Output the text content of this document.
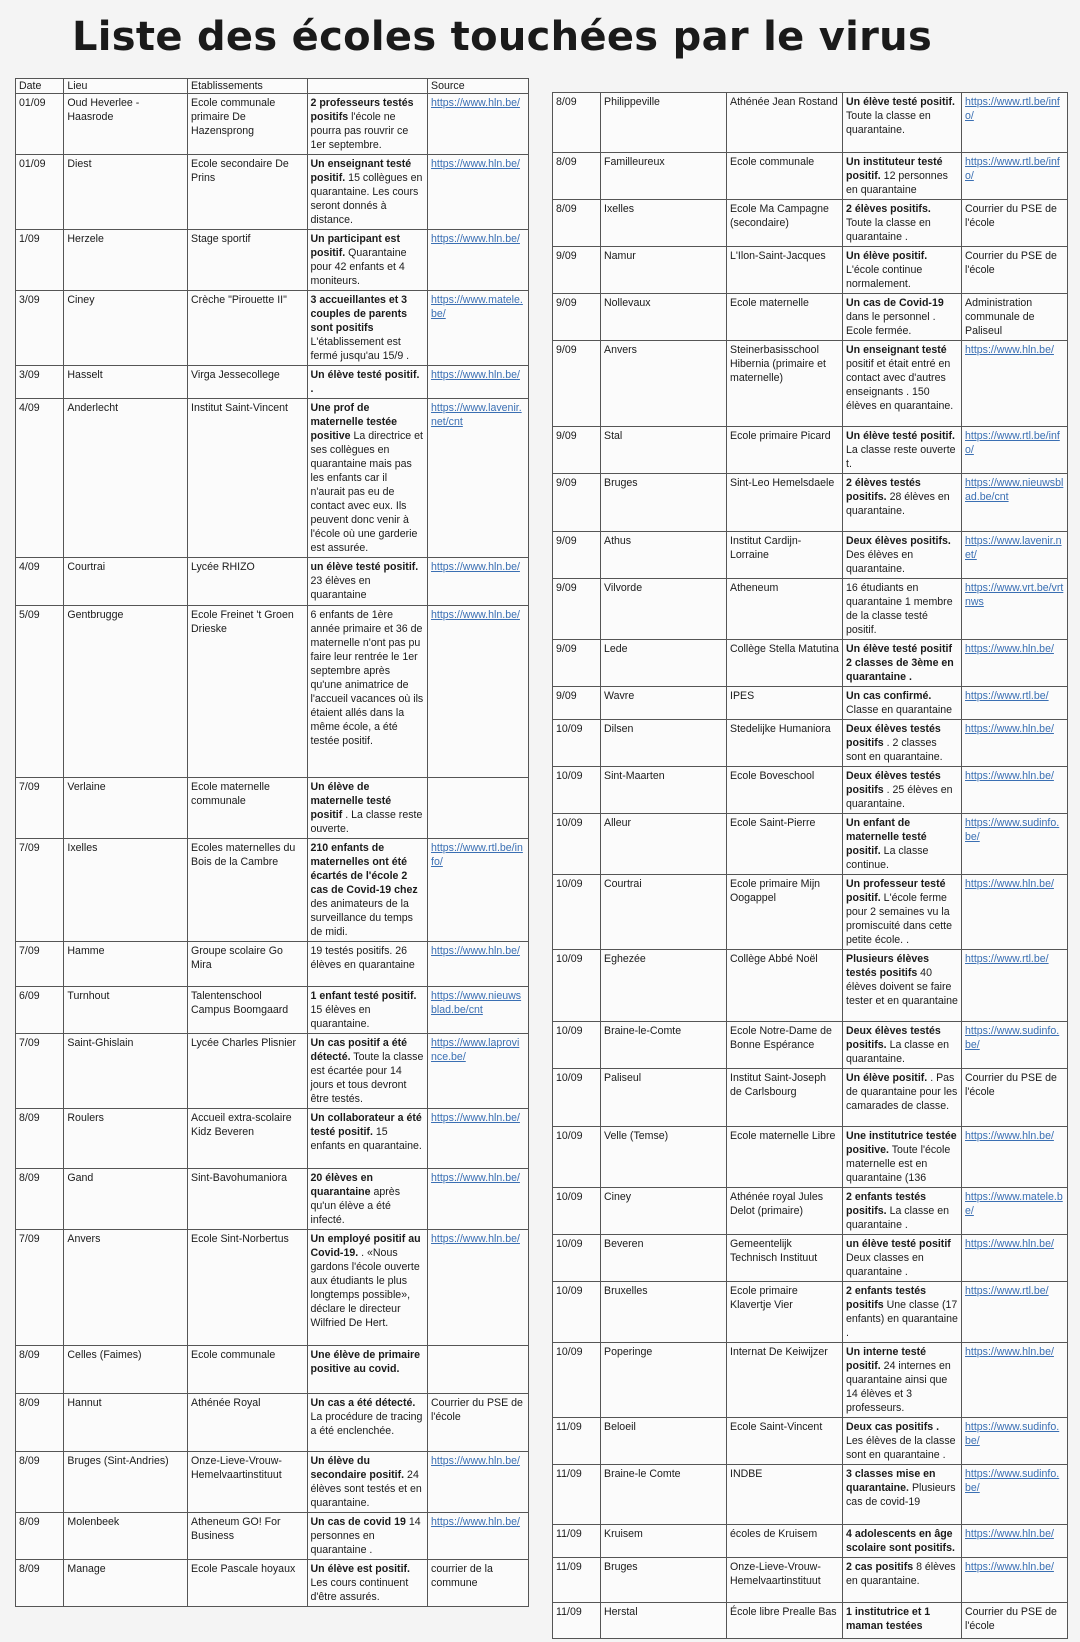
Liste des écoles touchées par le virus
Date	Lieu	Etablissements		Source
01/09	Oud Heverlee - Haasrode	Ecole communale primaire De Hazensprong	2 professeurs testés positifs l'école ne pourra pas rouvrir ce 1er septembre.	https://www.hln.be/
01/09	Diest	Ecole secondaire De Prins	Un enseignant testé positif. 15 collègues en quarantaine. Les cours seront donnés à distance.	https://www.hln.be/
1/09	Herzele	Stage sportif	Un participant est positif. Quarantaine pour 42 enfants et 4 moniteurs.	https://www.hln.be/
3/09	Ciney	Crèche "Pirouette II"	3 accueillantes et 3 couples de parents sont positifs L'établissement est fermé jusqu'au 15/9 .	https://www.matele.be/
3/09	Hasselt	Virga Jessecollege	Un élève testé positif. .	https://www.hln.be/
4/09	Anderlecht	Institut Saint-Vincent	Une prof de maternelle testée positive La directrice et ses collègues en quarantaine mais pas les enfants car il n'aurait pas eu de contact avec eux. Ils peuvent donc venir à l'école où une garderie est assurée.	https://www.lavenir.net/cnt
4/09	Courtrai	Lycée RHIZO	un élève testé positif. 23 élèves en quarantaine	https://www.hln.be/
5/09	Gentbrugge	Ecole Freinet 't Groen Drieske	6 enfants de 1ère année primaire et 36 de maternelle n'ont pas pu faire leur rentrée le 1er septembre après qu'une animatrice de l'accueil vacances où ils étaient allés dans la même école, a été testée positif.	https://www.hln.be/
7/09	Verlaine	Ecole maternelle communale	Un élève de maternelle testé positif . La classe reste ouverte.	
7/09	Ixelles	Ecoles maternelles du Bois de la Cambre	210 enfants de maternelles ont été écartés de l'école 2 cas de Covid-19 chez des animateurs de la surveillance du temps de midi.	https://www.rtl.be/info/
7/09	Hamme	Groupe scolaire Go Mira	19 testés positifs. 26 élèves en quarantaine	https://www.hln.be/
6/09	Turnhout	Talentenschool Campus Boomgaard	1 enfant testé positif. 15 élèves en quarantaine.	https://www.nieuwsblad.be/cnt
7/09	Saint-Ghislain	Lycée Charles Plisnier	Un cas positif a été détecté. Toute la classe est écartée pour 14 jours et tous devront être testés.	https://www.laprovince.be/
8/09	Roulers	Accueil extra-scolaire Kidz Beveren	Un collaborateur a été testé positif. 15 enfants en quarantaine.	https://www.hln.be/
8/09	Gand	Sint-Bavohumaniora	20 élèves en quarantaine après qu'un élève a été infecté.	https://www.hln.be/
7/09	Anvers	Ecole Sint-Norbertus	Un employé positif au Covid-19. . «Nous gardons l'école ouverte aux étudiants le plus longtemps possible», déclare le directeur Wilfried De Hert.	https://www.hln.be/
8/09	Celles (Faimes)	Ecole communale	Une élève de primaire positive au covid.	
8/09	Hannut	Athénée Royal	Un cas a été détecté. La procédure de tracing a été enclenchée.	Courrier du PSE de l'école
8/09	Bruges (Sint-Andries)	Onze-Lieve-Vrouw-Hemelvaartinstituut	Un élève du secondaire positif. 24 élèves sont testés et en quarantaine.	https://www.hln.be/
8/09	Molenbeek	Atheneum GO! For Business	Un cas de covid 19 14 personnes en quarantaine .	https://www.hln.be/
8/09	Manage	Ecole Pascale hoyaux	Un élève est positif. Les cours continuent d'être assurés.	courrier de la commune
8/09	Philippeville	Athénée Jean Rostand	Un élève testé positif. Toute la classe en quarantaine.	https://www.rtl.be/info/
8/09	Familleureux	Ecole communale	Un instituteur testé positif. 12 personnes en quarantaine	https://www.rtl.be/info/
8/09	Ixelles	Ecole Ma Campagne (secondaire)	2 élèves positifs. Toute la classe en quarantaine .	Courrier du PSE de l'école
9/09	Namur	L'Ilon-Saint-Jacques	Un élève positif. L'école continue normalement.	Courrier du PSE de l'école
9/09	Nollevaux	Ecole maternelle	Un cas de Covid-19 dans le personnel . Ecole fermée.	Administration communale de Paliseul
9/09	Anvers	Steinerbasisschool Hibernia (primaire et maternelle)	Un enseignant testé positif et était entré en contact avec d'autres enseignants . 150 élèves en quarantaine.	https://www.hln.be/
9/09	Stal	Ecole primaire Picard	Un élève testé positif. La classe reste ouverte t.	https://www.rtl.be/info/
9/09	Bruges	Sint-Leo Hemelsdaele	2 élèves testés positifs. 28 élèves en quarantaine.	https://www.nieuwsblad.be/cnt
9/09	Athus	Institut Cardijn-Lorraine	Deux élèves positifs. Des élèves en quarantaine.	https://www.lavenir.net/
9/09	Vilvorde	Atheneum	16 étudiants en quarantaine 1 membre de la classe testé positif.	https://www.vrt.be/vrtnws
9/09	Lede	Collège Stella Matutina	Un élève testé positif 2 classes de 3ème en quarantaine .	https://www.hln.be/
9/09	Wavre	IPES	Un cas confirmé. Classe en quarantaine	https://www.rtl.be/
10/09	Dilsen	Stedelijke Humaniora	Deux élèves testés positifs . 2 classes sont en quarantaine.	https://www.hln.be/
10/09	Sint-Maarten	Ecole Boveschool	Deux élèves testés positifs . 25 élèves en quarantaine.	https://www.hln.be/
10/09	Alleur	Ecole Saint-Pierre	Un enfant de maternelle testé positif. La classe continue.	https://www.sudinfo.be/
10/09	Courtrai	Ecole primaire Mijn Oogappel	Un professeur testé positif. L'école ferme pour 2 semaines vu la promiscuité dans cette petite école. .	https://www.hln.be/
10/09	Eghezée	Collège Abbé Noël	Plusieurs élèves testés positifs 40 élèves doivent se faire tester et en quarantaine	https://www.rtl.be/
10/09	Braine-le-Comte	Ecole Notre-Dame de Bonne Espérance	Deux élèves testés positifs. La classe en quarantaine.	https://www.sudinfo.be/
10/09	Paliseul	Institut Saint-Joseph de Carlsbourg	Un élève positif. . Pas de quarantaine pour les camarades de classe.	Courrier du PSE de l'école
10/09	Velle (Temse)	Ecole maternelle Libre	Une institutrice testée positive. Toute l'école maternelle est en quarantaine (136	https://www.hln.be/
10/09	Ciney	Athénée royal Jules Delot (primaire)	2 enfants testés positifs. La classe en quarantaine .	https://www.matele.be/
10/09	Beveren	Gemeentelijk Technisch Instituut	un élève testé positif Deux classes en quarantaine .	https://www.hln.be/
10/09	Bruxelles	Ecole primaire Klavertje Vier	2 enfants testés positifs Une classe (17 enfants) en quarantaine .	https://www.rtl.be/
10/09	Poperinge	Internat De Keiwijzer	Un interne testé positif. 24 internes en quarantaine ainsi que 14 élèves et 3 professeurs.	https://www.hln.be/
11/09	Beloeil	Ecole Saint-Vincent	Deux cas positifs . Les élèves de la classe sont en quarantaine .	https://www.sudinfo.be/
11/09	Braine-le Comte	INDBE	3 classes mise en quarantaine. Plusieurs cas de covid-19	https://www.sudinfo.be/
11/09	Kruisem	écoles de Kruisem	4 adolescents en âge scolaire sont positifs.	https://www.hln.be/
11/09	Bruges	Onze-Lieve-Vrouw-Hemelvaartinstituut	2 cas positifs 8 élèves en quarantaine.	https://www.hln.be/
11/09	Herstal	École libre Prealle Bas	1 institutrice et 1 maman testées	Courrier du PSE de l'école
